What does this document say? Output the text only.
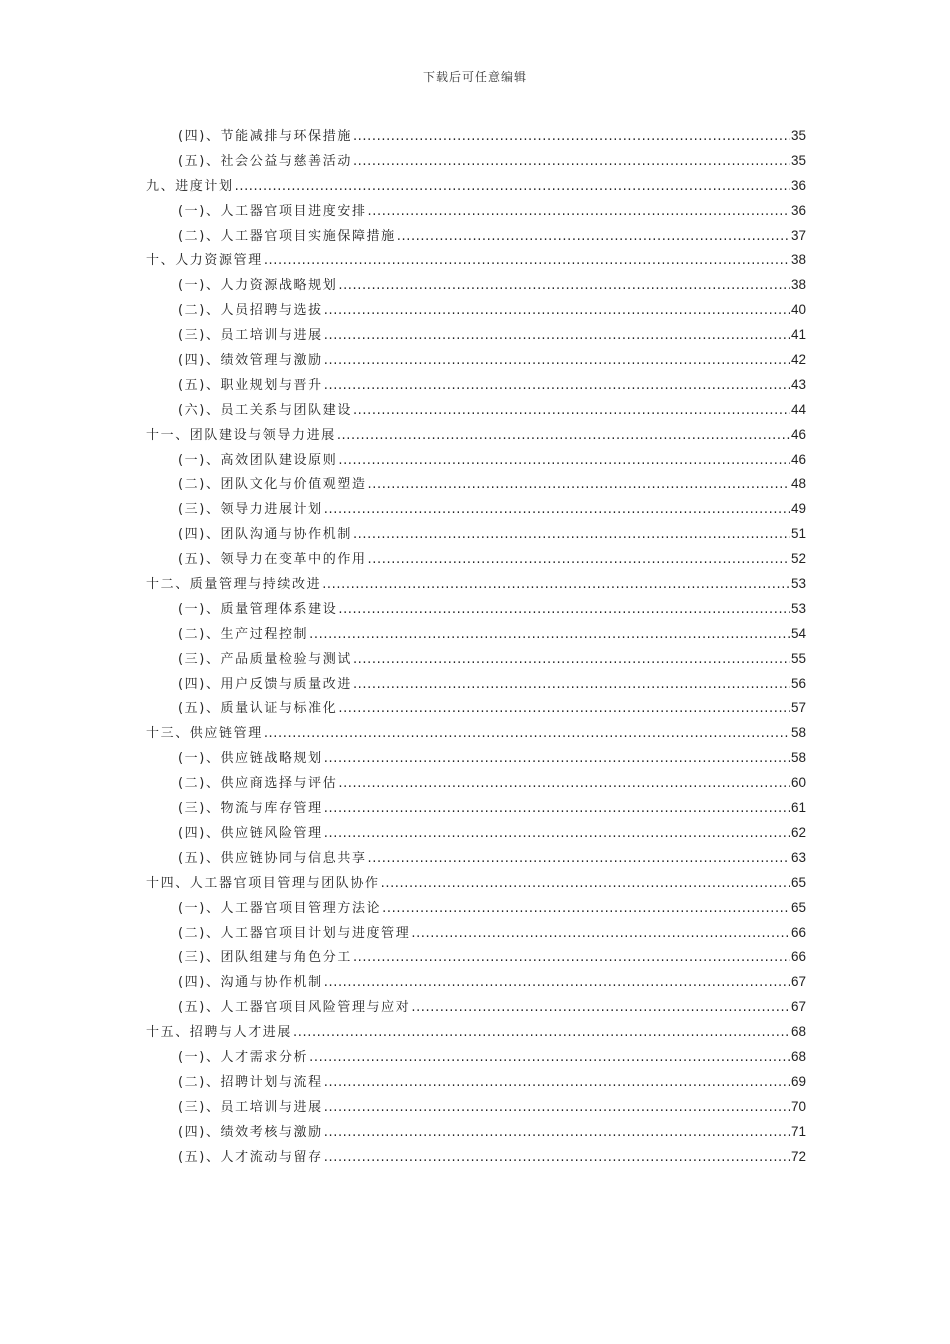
下载后可任意编辑
(四)、节能减排与环保措施 .....	35
(五)、社会公益与慈善活动 .....	35
九、进度计划 .....	36
(一)、人工器官项目进度安排 .....	36
(二)、人工器官项目实施保障措施 .....	37
十、人力资源管理 .....	38
(一)、人力资源战略规划 .....	38
(二)、人员招聘与选拔 .....	40
(三)、员工培训与进展 .....	41
(四)、绩效管理与激励 .....	42
(五)、职业规划与晋升 .....	43
(六)、员工关系与团队建设 .....	44
十一、团队建设与领导力进展 .....	46
(一)、高效团队建设原则 .....	46
(二)、团队文化与价值观塑造 .....	48
(三)、领导力进展计划 .....	49
(四)、团队沟通与协作机制 .....	51
(五)、领导力在变革中的作用 .....	52
十二、质量管理与持续改进 .....	53
(一)、质量管理体系建设 .....	53
(二)、生产过程控制 .....	54
(三)、产品质量检验与测试 .....	55
(四)、用户反馈与质量改进 .....	56
(五)、质量认证与标准化 .....	57
十三、供应链管理 .....	58
(一)、供应链战略规划 .....	58
(二)、供应商选择与评估 .....	60
(三)、物流与库存管理 .....	61
(四)、供应链风险管理 .....	62
(五)、供应链协同与信息共享 .....	63
十四、人工器官项目管理与团队协作 .....	65
(一)、人工器官项目管理方法论 .....	65
(二)、人工器官项目计划与进度管理 .....	66
(三)、团队组建与角色分工 .....	66
(四)、沟通与协作机制 .....	67
(五)、人工器官项目风险管理与应对 .....	67
十五、招聘与人才进展 .....	68
(一)、人才需求分析 .....	68
(二)、招聘计划与流程 .....	69
(三)、员工培训与进展 .....	70
(四)、绩效考核与激励 .....	71
(五)、人才流动与留存 .....	72
